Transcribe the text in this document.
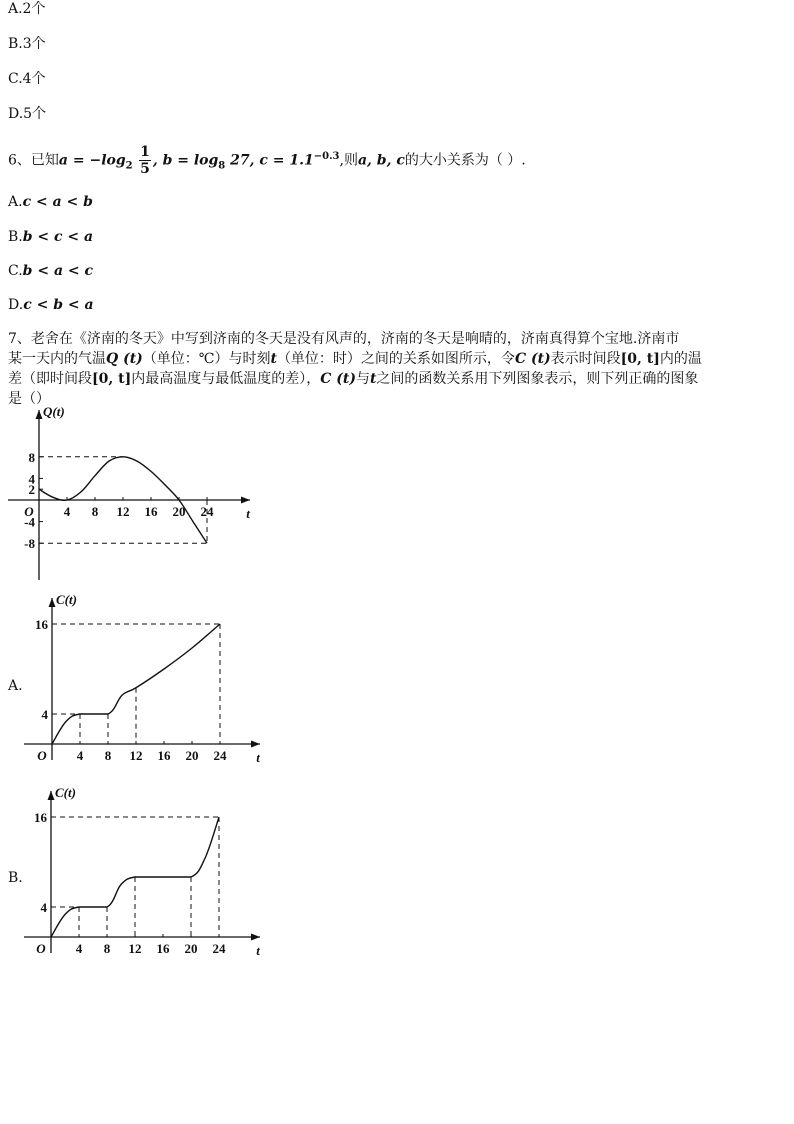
A.2个
B.3个
C.4个
D.5个
6、已知$a = -\log_2 \frac{1}{5}$ , $b = \log_8 27$, $c = 1.1^{-0.3}$,则a, b, c的大小关系为（ ）.
A.c < a < b
B.b < c < a
C.b < a < c
D.c < b < a
7、老舍在《济南的冬天》中写到济南的冬天是没有风声的，济南的冬天是响晴的，济南真得算个宝地.济南市
某一天内的气温Q (t)（单位：℃）与时刻t（单位：时）之间的关系如图所示，令C (t)表示时间段[0, t]内的温
差（即时间段[0, t]内最高温度与最低温度的差），C (t)与t之间的函数关系用下列图象表示，则下列正确的图象
是（）
Q(t)
t
O 4 8 12 16 20 24
8
4
2
-4
-8
A.
C(t)
t
O 4 8 12 16 20 24
16
4
B.
C(t)
t
O 4 8 12 16 20 24
16
4
